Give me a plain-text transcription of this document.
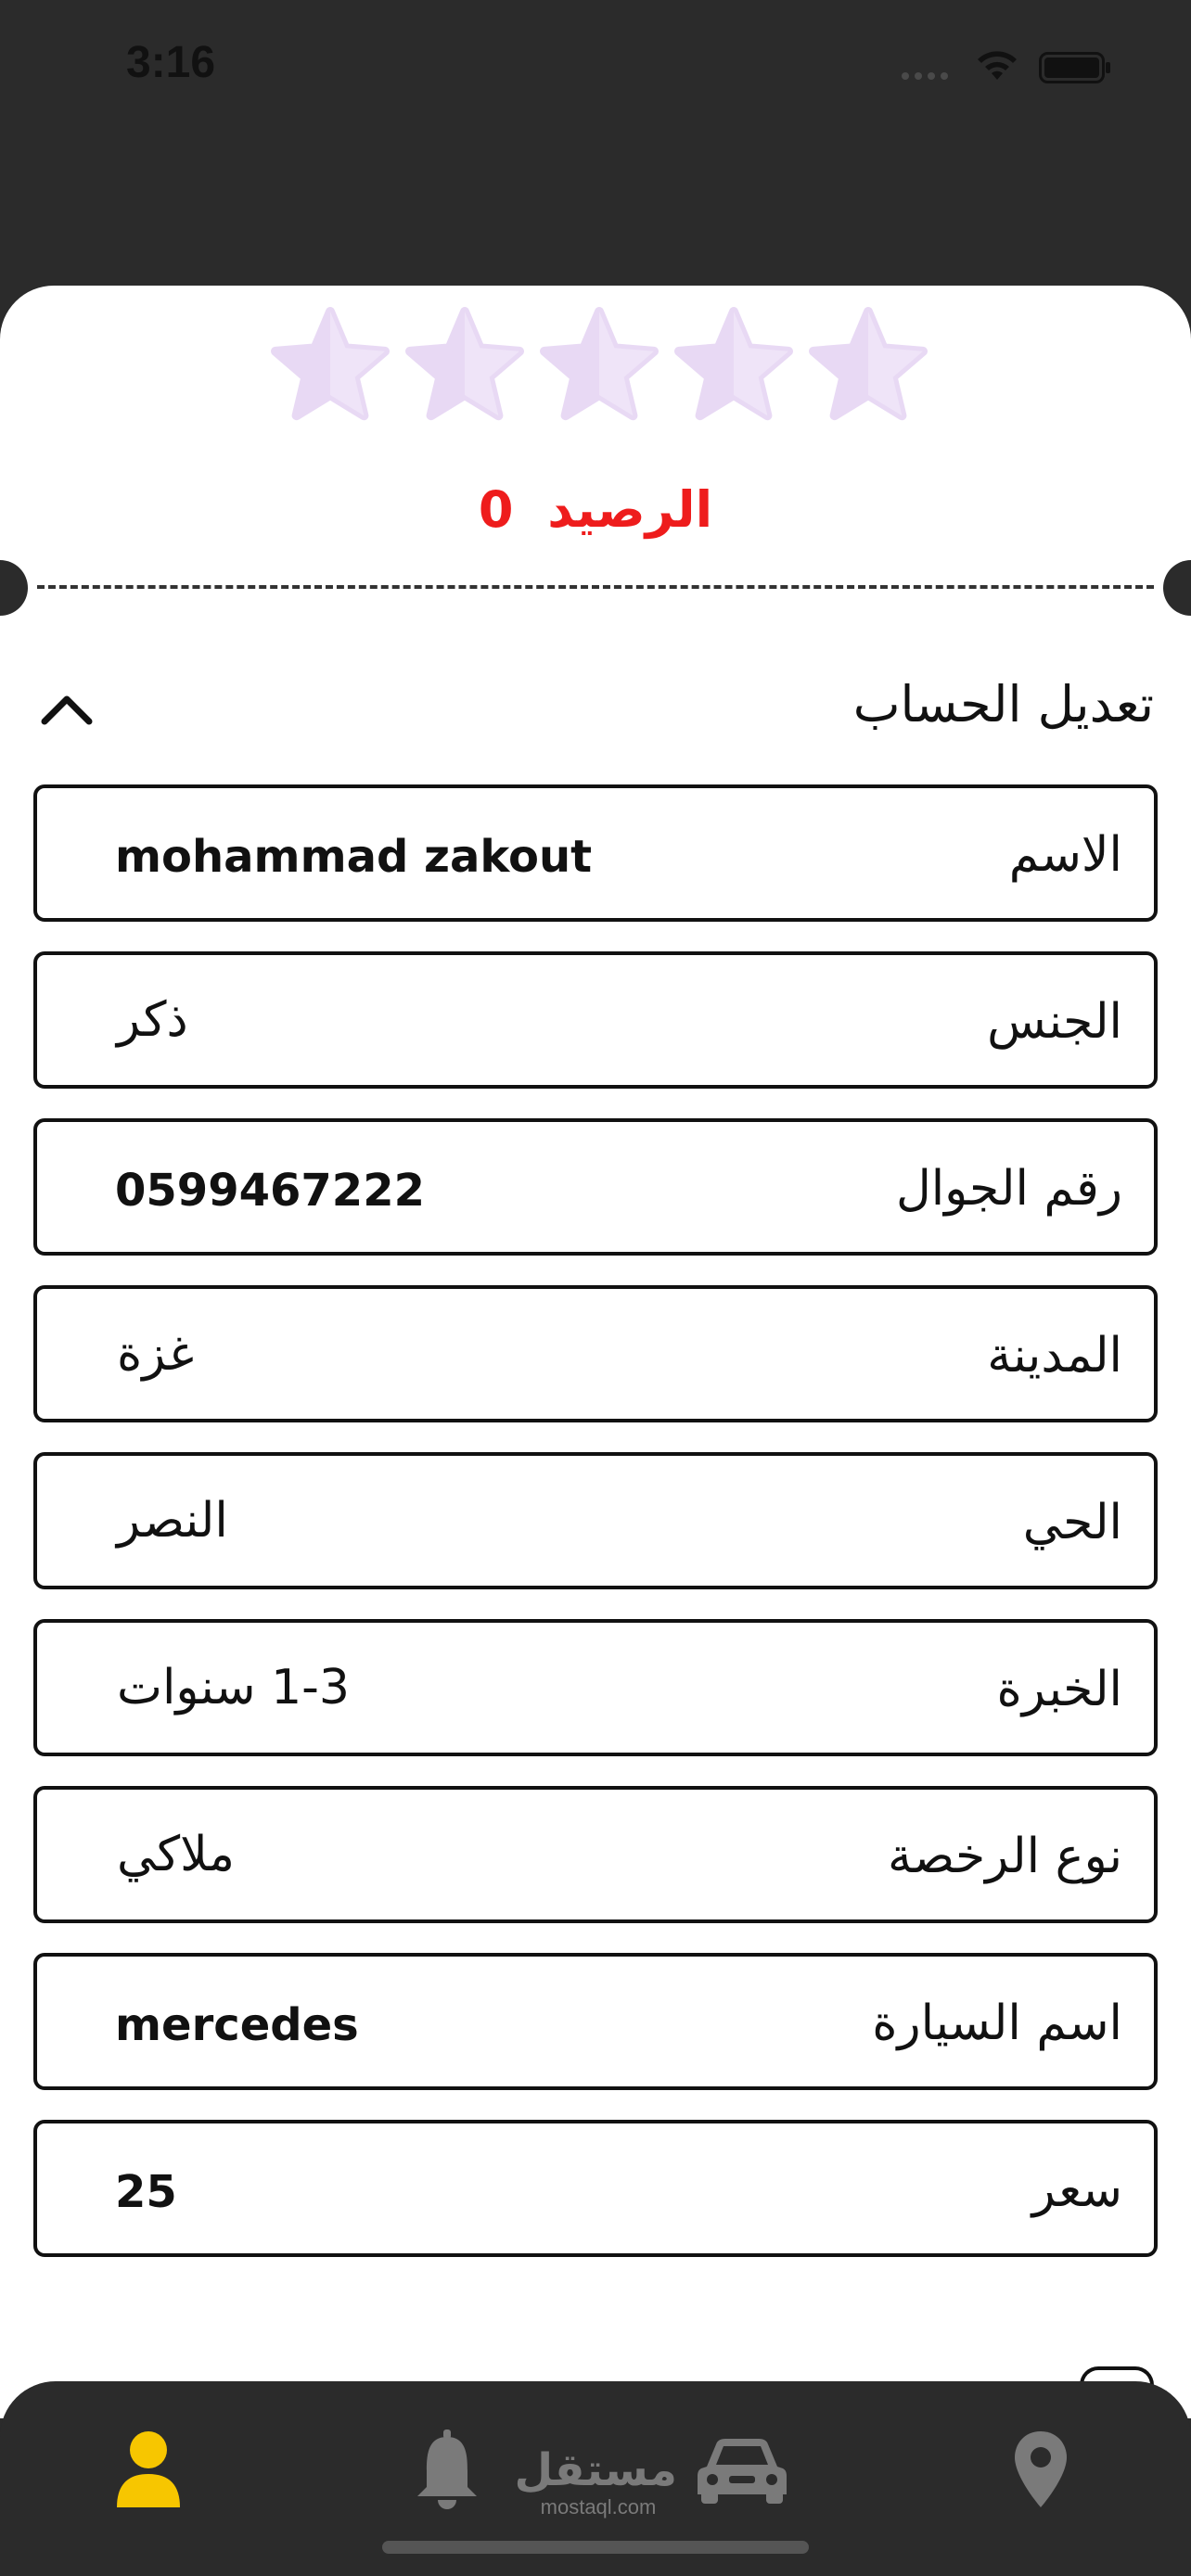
3:16
الرصيد 0
تعديل الحساب
الاسم
mohammad zakout
الجنس
ذكر
رقم الجوال
0599467222
المدينة
غزة
الحي
النصر
الخبرة
1-3 سنوات
نوع الرخصة
ملاكي
اسم السيارة
mercedes
سعر
25
مستقل
mostaql.com
